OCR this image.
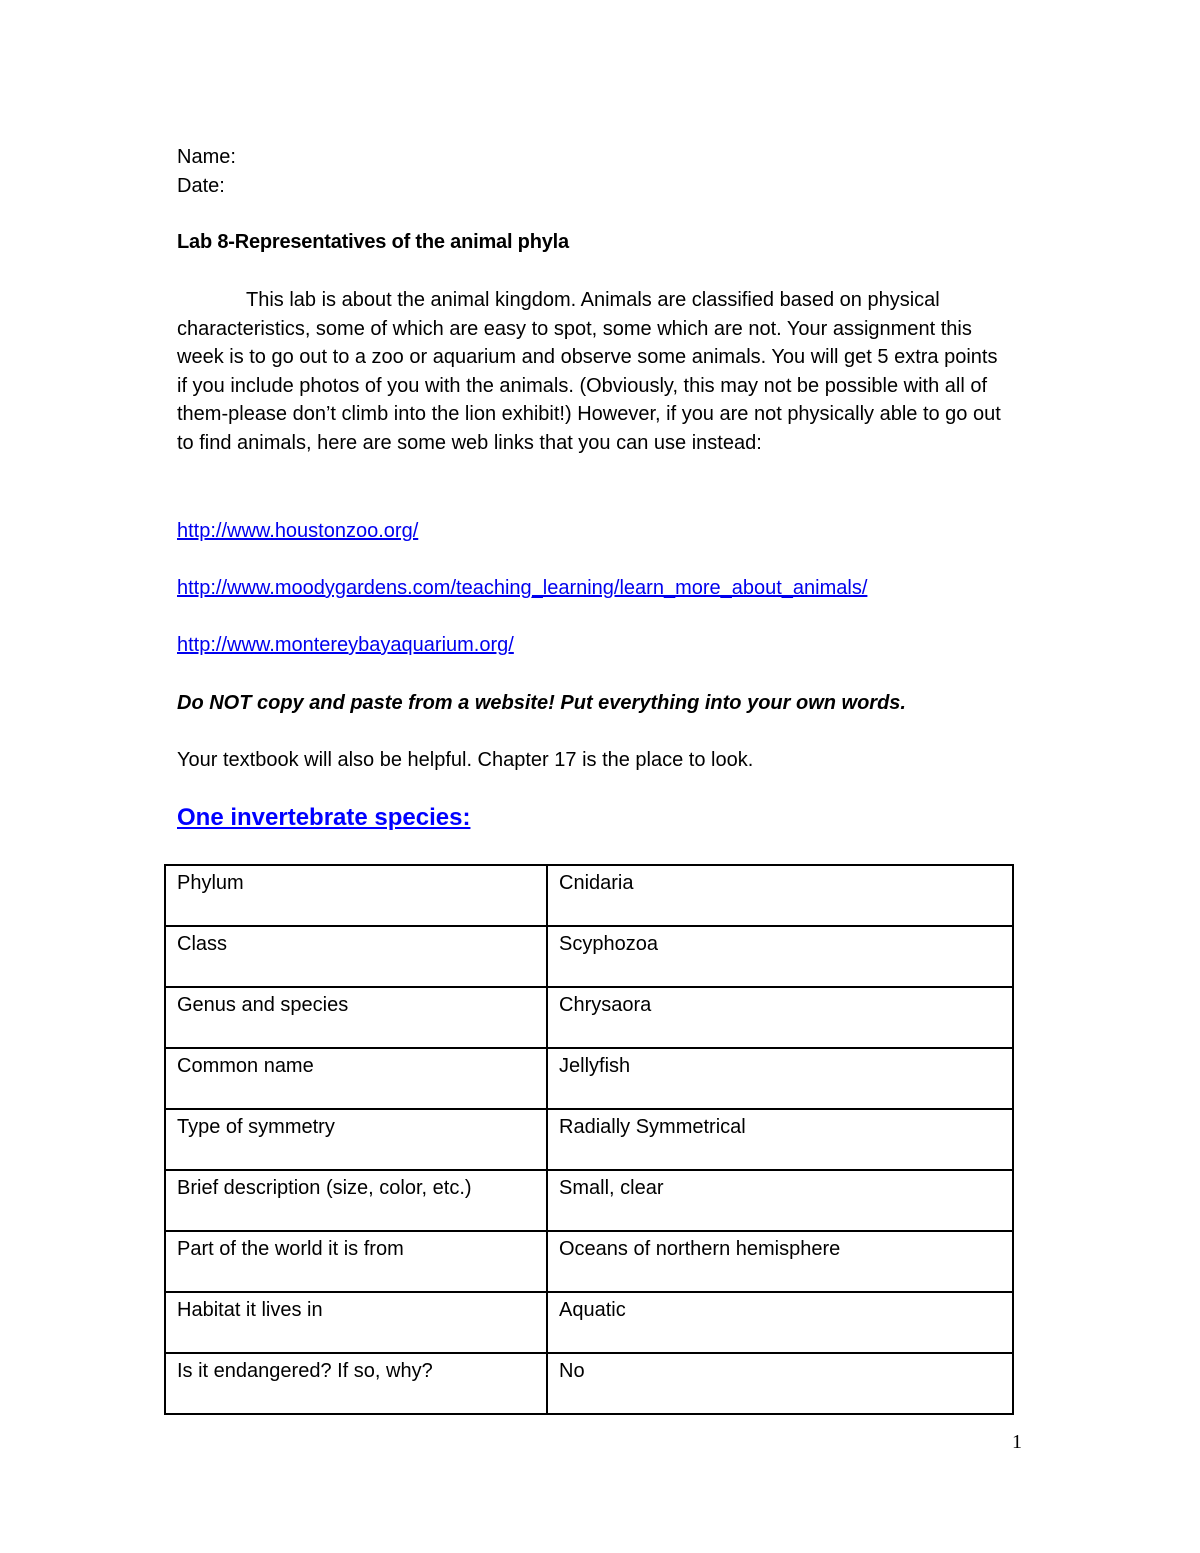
Name:
Date:
Lab 8-Representatives of the animal phyla

This lab is about the animal kingdom. Animals are classified based on physical characteristics, some of which are easy to spot, some which are not. Your assignment this week is to go out to a zoo or aquarium and observe some animals. You will get 5 extra points if you include photos of you with the animals. (Obviously, this may not be possible with all of them-please don’t climb into the lion exhibit!) However, if you are not physically able to go out to find animals, here are some web links that you can use instead:

http://www.houstonzoo.org/
http://www.moodygardens.com/teaching_learning/learn_more_about_animals/
http://www.montereybayaquarium.org/
Do NOT copy and paste from a website! Put everything into your own words.
Your textbook will also be helpful. Chapter 17 is the place to look.
One invertebrate species:
Phylum	Cnidaria
Class	Scyphozoa
Genus and species	Chrysaora
Common name	Jellyfish
Type of symmetry	Radially Symmetrical
Brief description (size, color, etc.)	Small, clear
Part of the world it is from	Oceans of northern hemisphere
Habitat it lives in	Aquatic
Is it endangered? If so, why?	No
1
